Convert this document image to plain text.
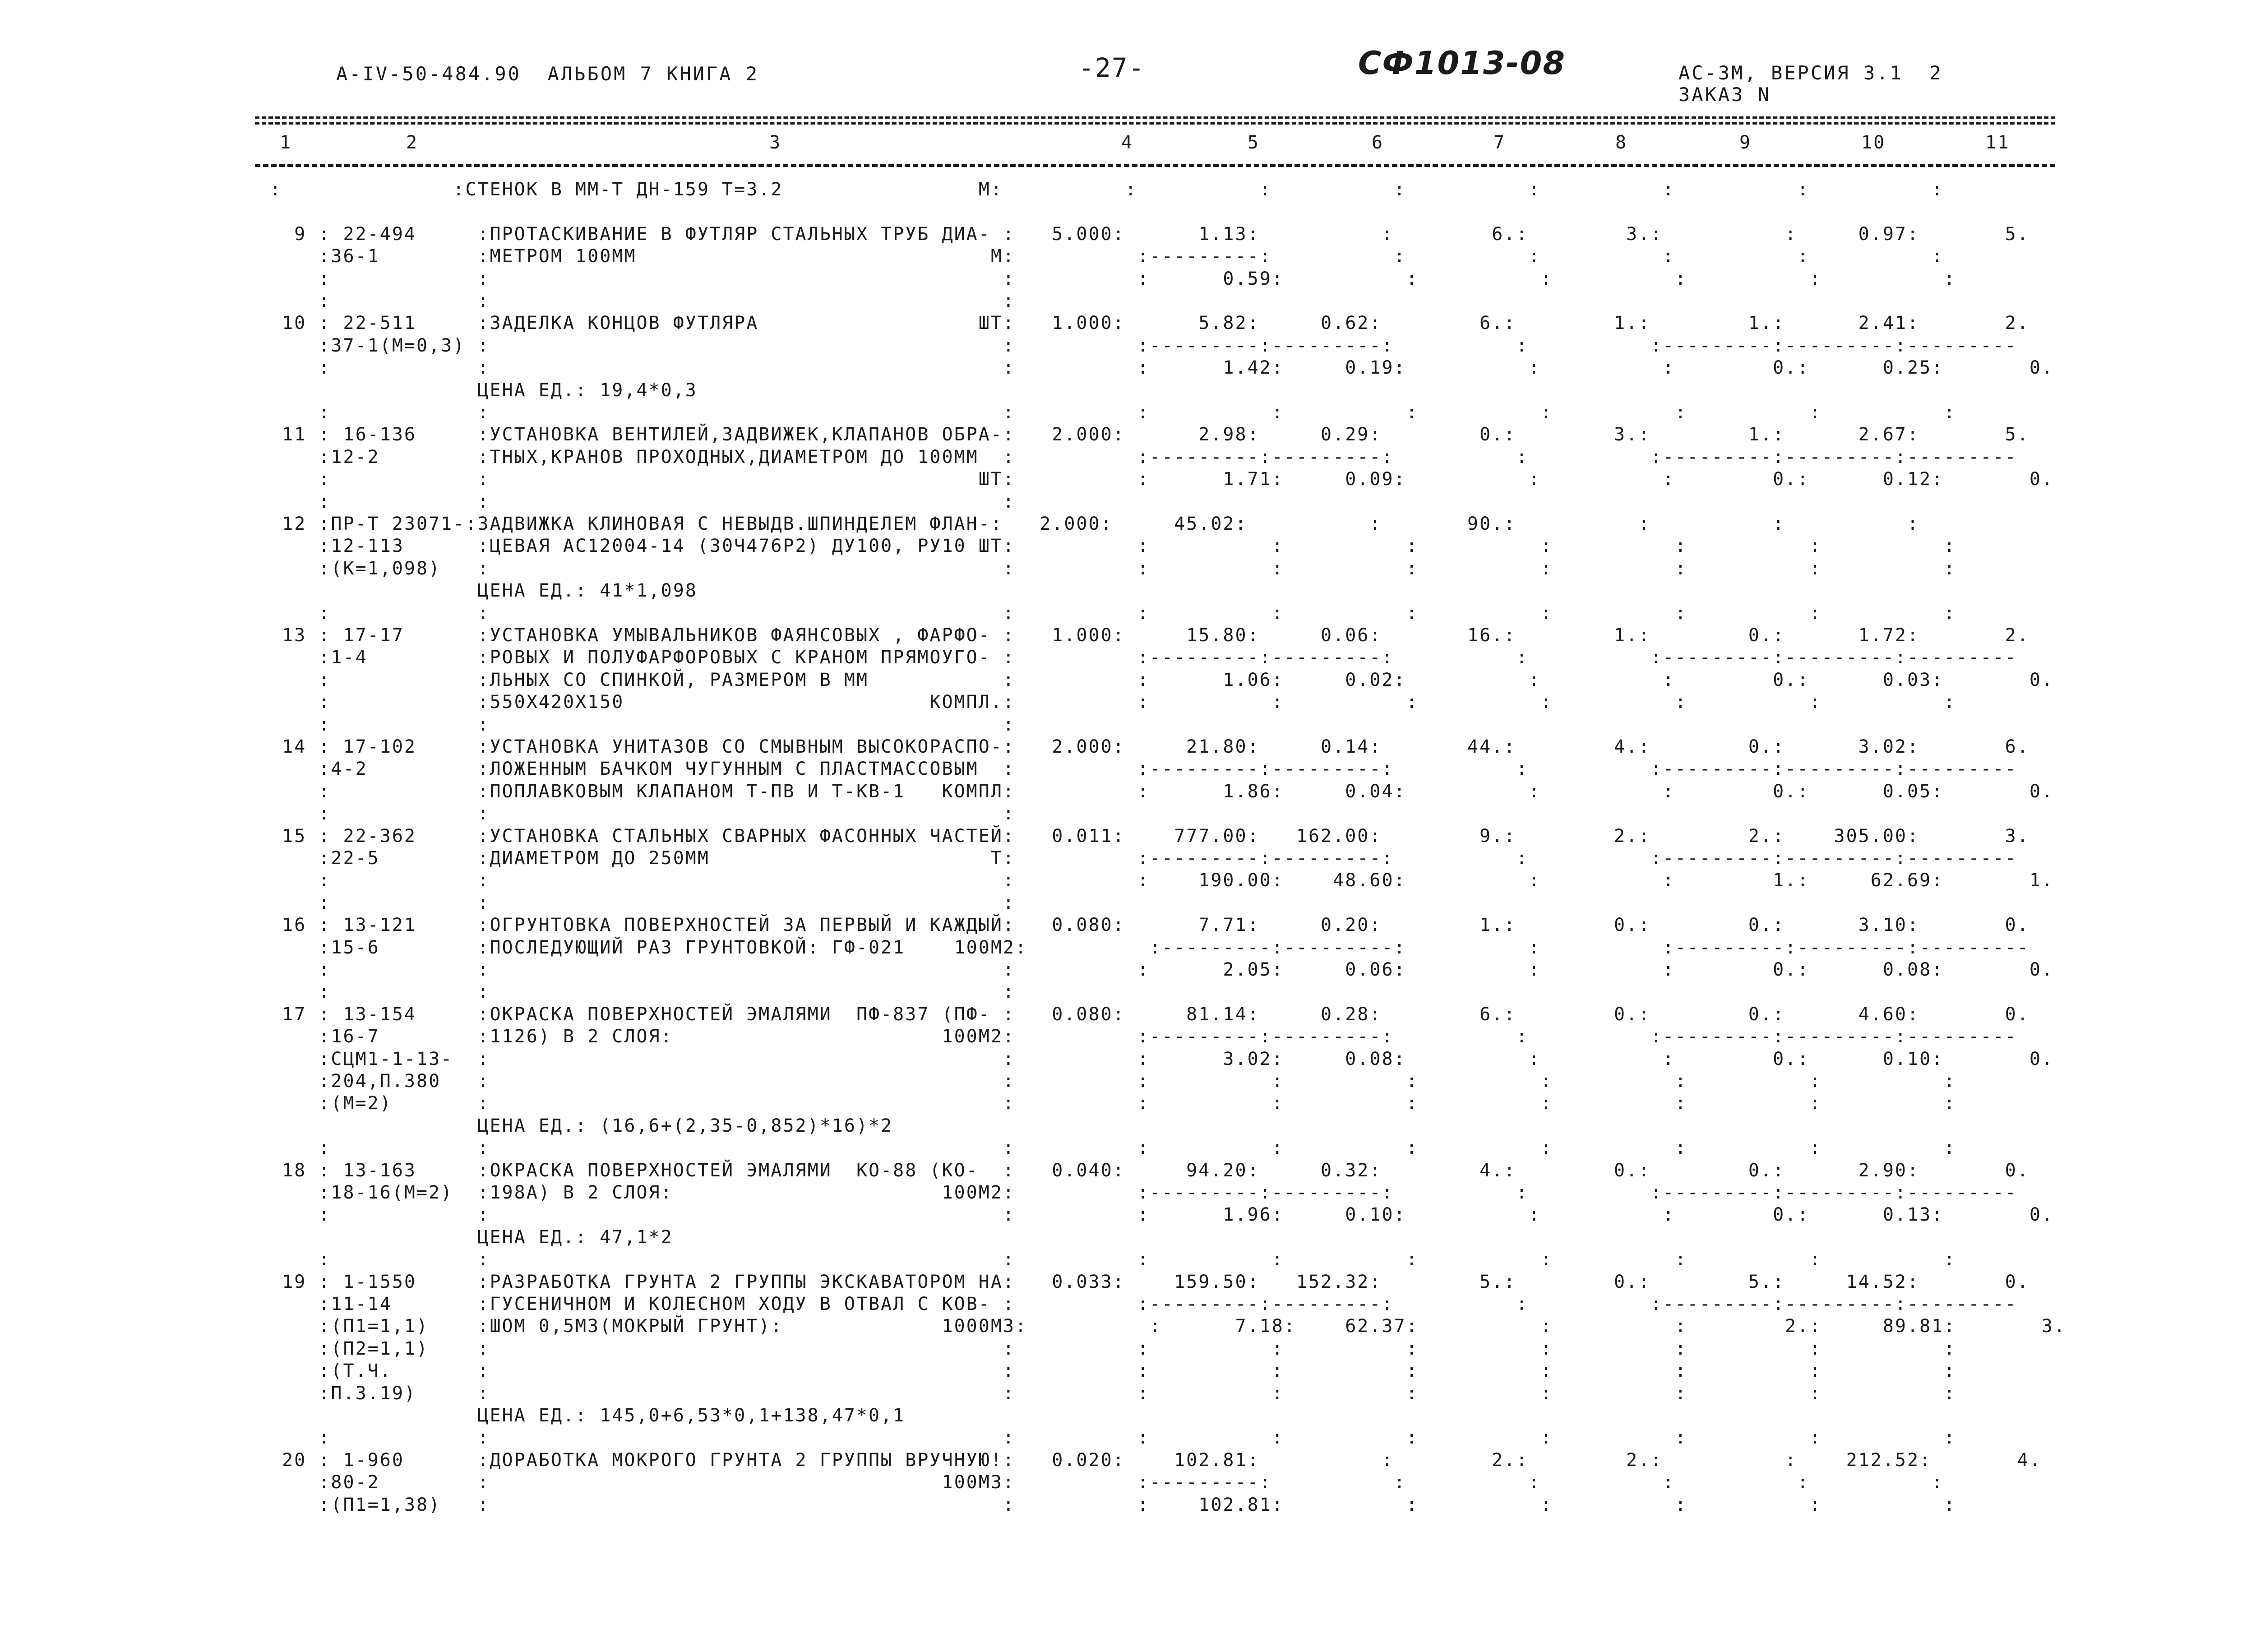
А-IV-50-484.90  АЛЬБОМ 7 КНИГА 2	-27-	СФ1013-08	АС-3М, ВЕРСИЯ 3.1  2
ЗАКАЗ N
1	2	3	4	5	6	7	8	9	10	11
:              :СТЕНОК В ММ-Т ДН-159 Т=3.2                M:          :          :          :          :          :          :          :
9 : 22-494     :ПРОТАСКИВАНИЕ В ФУТЛЯР СТАЛЬНЫХ ТРУБ ДИА- :   5.000:      1.13:          :        6.:        3.:          :     0.97:       5.
:36-1        :МЕТРОМ 100ММ                             M:          :---------:          :          :          :          :          :
:            :                                          :          :      0.59:          :          :          :          :          :
:            :                                          :
10 : 22-511     :ЗАДЕЛКА КОНЦОВ ФУТЛЯРА                  ШТ:   1.000:      5.82:     0.62:        6.:        1.:        1.:      2.41:       2.
:37-1(М=0,3) :                                          :          :---------:---------:          :          :---------:---------:---------
:            :                                          :          :      1.42:     0.19:          :          :        0.:      0.25:       0.
ЦЕНА ЕД.: 19,4*0,3
:            :                                          :          :          :          :          :          :          :          :
11 : 16-136     :УСТАНОВКА ВЕНТИЛЕЙ,ЗАДВИЖЕК,КЛАПАНОВ ОБРА-:   2.000:      2.98:     0.29:        0.:        3.:        1.:      2.67:       5.
:12-2        :ТНЫХ,КРАНОВ ПРОХОДНЫХ,ДИАМЕТРОМ ДО 100ММ  :          :---------:---------:          :          :---------:---------:---------
:            :                                        ШТ:          :      1.71:     0.09:          :          :        0.:      0.12:       0.
:            :                                          :
12 :ПР-Т 23071-:ЗАДВИЖКА КЛИНОВАЯ С НЕВЫДВ.ШПИНДЕЛЕМ ФЛАН-:   2.000:     45.02:          :       90.:          :          :          :
:12-113      :ЦЕВАЯ АС12004-14 (30Ч476Р2) ДУ100, РУ10 ШТ:          :          :          :          :          :          :          :
:(К=1,098)   :                                          :          :          :          :          :          :          :          :
ЦЕНА ЕД.: 41*1,098
:            :                                          :          :          :          :          :          :          :          :
13 : 17-17      :УСТАНОВКА УМЫВАЛЬНИКОВ ФАЯНСОВЫХ , ФАРФО- :   1.000:     15.80:     0.06:       16.:        1.:        0.:      1.72:       2.
:1-4         :РОВЫХ И ПОЛУФАРФОРОВЫХ С КРАНОМ ПРЯМОУГО- :          :---------:---------:          :          :---------:---------:---------
:            :ЛЬНЫХ СО СПИНКОЙ, РАЗМЕРОМ В ММ           :          :      1.06:     0.02:          :          :        0.:      0.03:       0.
:            :550Х420Х150                         КОМПЛ.:          :          :          :          :          :          :          :
:            :                                          :
14 : 17-102     :УСТАНОВКА УНИТАЗОВ СО СМЫВНЫМ ВЫСОКОРАСПО-:   2.000:     21.80:     0.14:       44.:        4.:        0.:      3.02:       6.
:4-2         :ЛОЖЕННЫМ БАЧКОМ ЧУГУННЫМ С ПЛАСТМАССОВЫМ  :          :---------:---------:          :          :---------:---------:---------
:            :ПОПЛАВКОВЫМ КЛАПАНОМ Т-ПВ И Т-КВ-1   КОМПЛ:          :      1.86:     0.04:          :          :        0.:      0.05:       0.
:            :                                          :
15 : 22-362     :УСТАНОВКА СТАЛЬНЫХ СВАРНЫХ ФАСОННЫХ ЧАСТЕЙ:   0.011:    777.00:   162.00:        9.:        2.:        2.:    305.00:       3.
:22-5        :ДИАМЕТРОМ ДО 250ММ                       Т:          :---------:---------:          :          :---------:---------:---------
:            :                                          :          :    190.00:    48.60:          :          :        1.:     62.69:       1.
:            :                                          :
16 : 13-121     :ОГРУНТОВКА ПОВЕРХНОСТЕЙ ЗА ПЕРВЫЙ И КАЖДЫЙ:   0.080:      7.71:     0.20:        1.:        0.:        0.:      3.10:       0.
:15-6        :ПОСЛЕДУЮЩИЙ РАЗ ГРУНТОВКОЙ: ГФ-021    100М2:          :---------:---------:          :          :---------:---------:---------
:            :                                          :          :      2.05:     0.06:          :          :        0.:      0.08:       0.
:            :                                          :
17 : 13-154     :ОКРАСКА ПОВЕРХНОСТЕЙ ЭМАЛЯМИ  ПФ-837 (ПФ- :   0.080:     81.14:     0.28:        6.:        0.:        0.:      4.60:       0.
:16-7        :1126) В 2 СЛОЯ:                      100М2:          :---------:---------:          :          :---------:---------:---------
:СЦМ1-1-13-  :                                          :          :      3.02:     0.08:          :          :        0.:      0.10:       0.
:204,П.380   :                                          :          :          :          :          :          :          :          :
:(М=2)       :                                          :          :          :          :          :          :          :          :
ЦЕНА ЕД.: (16,6+(2,35-0,852)*16)*2
:            :                                          :          :          :          :          :          :          :          :
18 : 13-163     :ОКРАСКА ПОВЕРХНОСТЕЙ ЭМАЛЯМИ  КО-88 (КО-  :   0.040:     94.20:     0.32:        4.:        0.:        0.:      2.90:       0.
:18-16(М=2)  :198А) В 2 СЛОЯ:                      100М2:          :---------:---------:          :          :---------:---------:---------
:            :                                          :          :      1.96:     0.10:          :          :        0.:      0.13:       0.
ЦЕНА ЕД.: 47,1*2
:            :                                          :          :          :          :          :          :          :          :
19 : 1-1550     :РАЗРАБОТКА ГРУНТА 2 ГРУППЫ ЭКСКАВАТОРОМ НА:   0.033:    159.50:   152.32:        5.:        0.:        5.:     14.52:       0.
:11-14       :ГУСЕНИЧНОМ И КОЛЕСНОМ ХОДУ В ОТВАЛ С КОВ- :          :---------:---------:          :          :---------:---------:---------
:(П1=1,1)    :ШОМ 0,5М3(МОКРЫЙ ГРУНТ):             1000М3:          :      7.18:    62.37:          :          :        2.:     89.81:       3.
:(П2=1,1)    :                                          :          :          :          :          :          :          :          :
:(Т.Ч.       :                                          :          :          :          :          :          :          :          :
:П.3.19)     :                                          :          :          :          :          :          :          :          :
ЦЕНА ЕД.: 145,0+6,53*0,1+138,47*0,1
:            :                                          :          :          :          :          :          :          :          :
20 : 1-960      :ДОРАБОТКА МОКРОГО ГРУНТА 2 ГРУППЫ ВРУЧНУЮ!:   0.020:    102.81:          :        2.:        2.:          :    212.52:       4.
:80-2        :                                     100М3:          :---------:          :          :          :          :          :
:(П1=1,38)   :                                          :          :    102.81:          :          :          :          :          :
